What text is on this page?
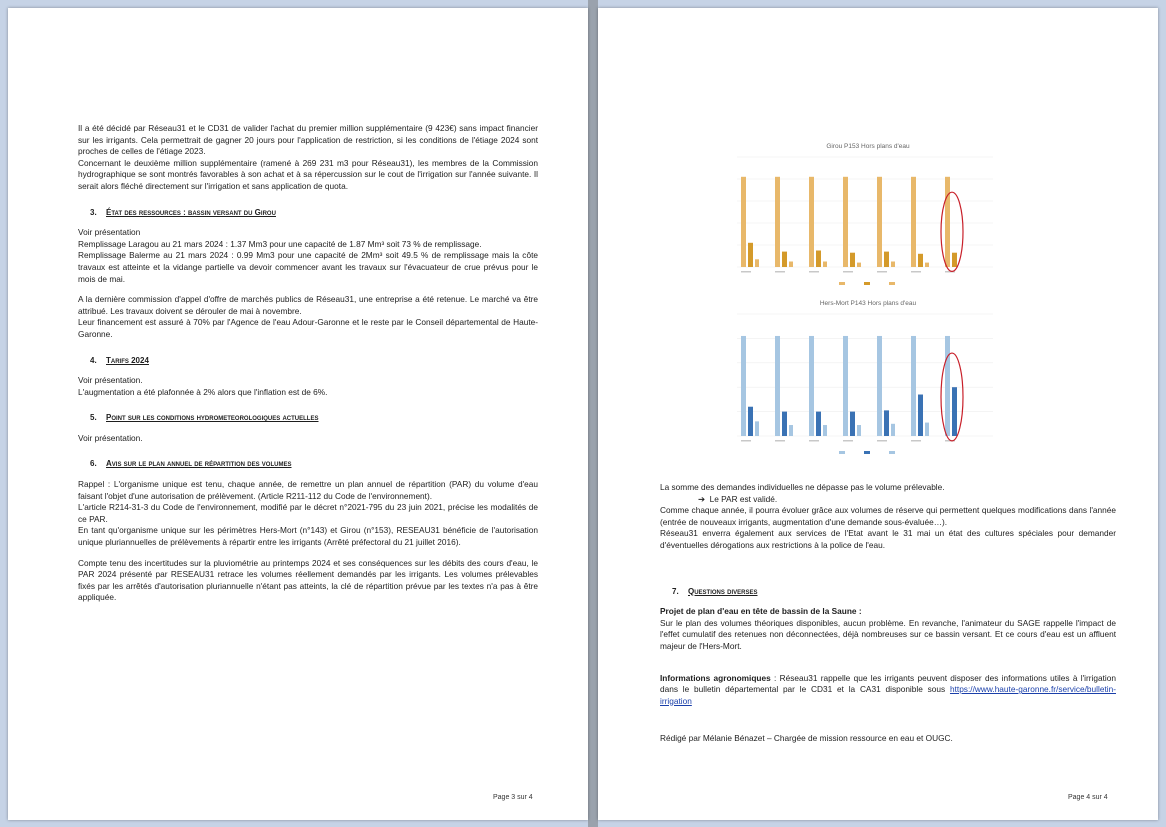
Il a été décidé par Réseau31 et le CD31 de valider l'achat du premier million supplémentaire (9 423€) sans impact financier sur les irrigants. Cela permettrait de gagner 20 jours pour l'application de restriction, si les conditions de l'étiage 2024 sont proches de celles de l'étiage 2023.

Concernant le deuxième million supplémentaire (ramené à 269 231 m3 pour Réseau31), les membres de la Commission hydrographique se sont montrés favorables à son achat et à sa répercussion sur le cout de l'irrigation sur l'année suivante. Il serait alors fléché directement sur l'irrigation et sans application de quota.

3. État des ressources : bassin versant du Girou

Voir présentation

Remplissage Laragou au 21 mars 2024 : 1.37 Mm3 pour une capacité de 1.87 Mm³ soit 73 % de remplissage.

Remplissage Balerme au 21 mars 2024 : 0.99 Mm3 pour une capacité de 2Mm³ soit 49.5 % de remplissage mais la côte travaux est atteinte et la vidange partielle va devoir commencer avant les travaux sur l'évacuateur de crue prévus pour le mois de mai.

A la dernière commission d'appel d'offre de marchés publics de Réseau31, une entreprise a été retenue. Le marché va être attribué. Les travaux doivent se dérouler de mai à novembre.

Leur financement est assuré à 70% par l'Agence de l'eau Adour-Garonne et le reste par le Conseil départemental de Haute-Garonne.

4. Tarifs 2024

Voir présentation.

L'augmentation a été plafonnée à 2% alors que l'inflation est de 6%.

5. Point sur les conditions hydrometeorologiques actuelles

Voir présentation.

6. Avis sur le plan annuel de répartition des volumes

Rappel : L'organisme unique est tenu, chaque année, de remettre un plan annuel de répartition (PAR) du volume d'eau faisant l'objet d'une autorisation de prélèvement. (Article R211-112 du Code de l'environnement).

L'article R214-31-3 du Code de l'environnement, modifié par le décret n°2021-795 du 23 juin 2021, précise les modalités de ce PAR.

En tant qu'organisme unique sur les périmètres Hers-Mort (n°143) et Girou (n°153), RESEAU31 bénéficie de l'autorisation unique pluriannuelles de prélèvements à répartir entre les irrigants (Arrêté préfectoral du 21 juillet 2016).

Compte tenu des incertitudes sur la pluviométrie au printemps 2024 et ses conséquences sur les débits des cours d'eau, le PAR 2024 présenté par RESEAU31 retrace les volumes réellement demandés par les irrigants. Les volumes prélevables fixés par les arrêtés d'autorisation pluriannuelle n'étant pas atteints, la clé de répartition prévue par les textes n'a pas à être appliquée.

Page 3 sur 4
Girou P153 Hors plans d'eau

Hers-Mort P143 Hors plans d'eau

La somme des demandes individuelles ne dépasse pas le volume prélevable.

➔ Le PAR est validé.

Comme chaque année, il pourra évoluer grâce aux volumes de réserve qui permettent quelques modifications dans l'année (entrée de nouveaux irrigants, augmentation d'une demande sous-évaluée…).

Réseau31 enverra également aux services de l'Etat avant le 31 mai un état des cultures spéciales pour demander d'éventuelles dérogations aux restrictions à la police de l'eau.

7. Questions diverses

Projet de plan d'eau en tête de bassin de la Saune :

Sur le plan des volumes théoriques disponibles, aucun problème. En revanche, l'animateur du SAGE rappelle l'impact de l'effet cumulatif des retenues non déconnectées, déjà nombreuses sur ce bassin versant. Et ce cours d'eau est un affluent majeur de l'Hers-Mort.

Informations agronomiques : Réseau31 rappelle que les irrigants peuvent disposer des informations utiles à l'irrigation dans le bulletin départemental par le CD31 et la CA31 disponible sous https://www.haute-garonne.fr/service/bulletin-irrigation

Rédigé par Mélanie Bénazet – Chargée de mission ressource en eau et OUGC.

Page 4 sur 4
